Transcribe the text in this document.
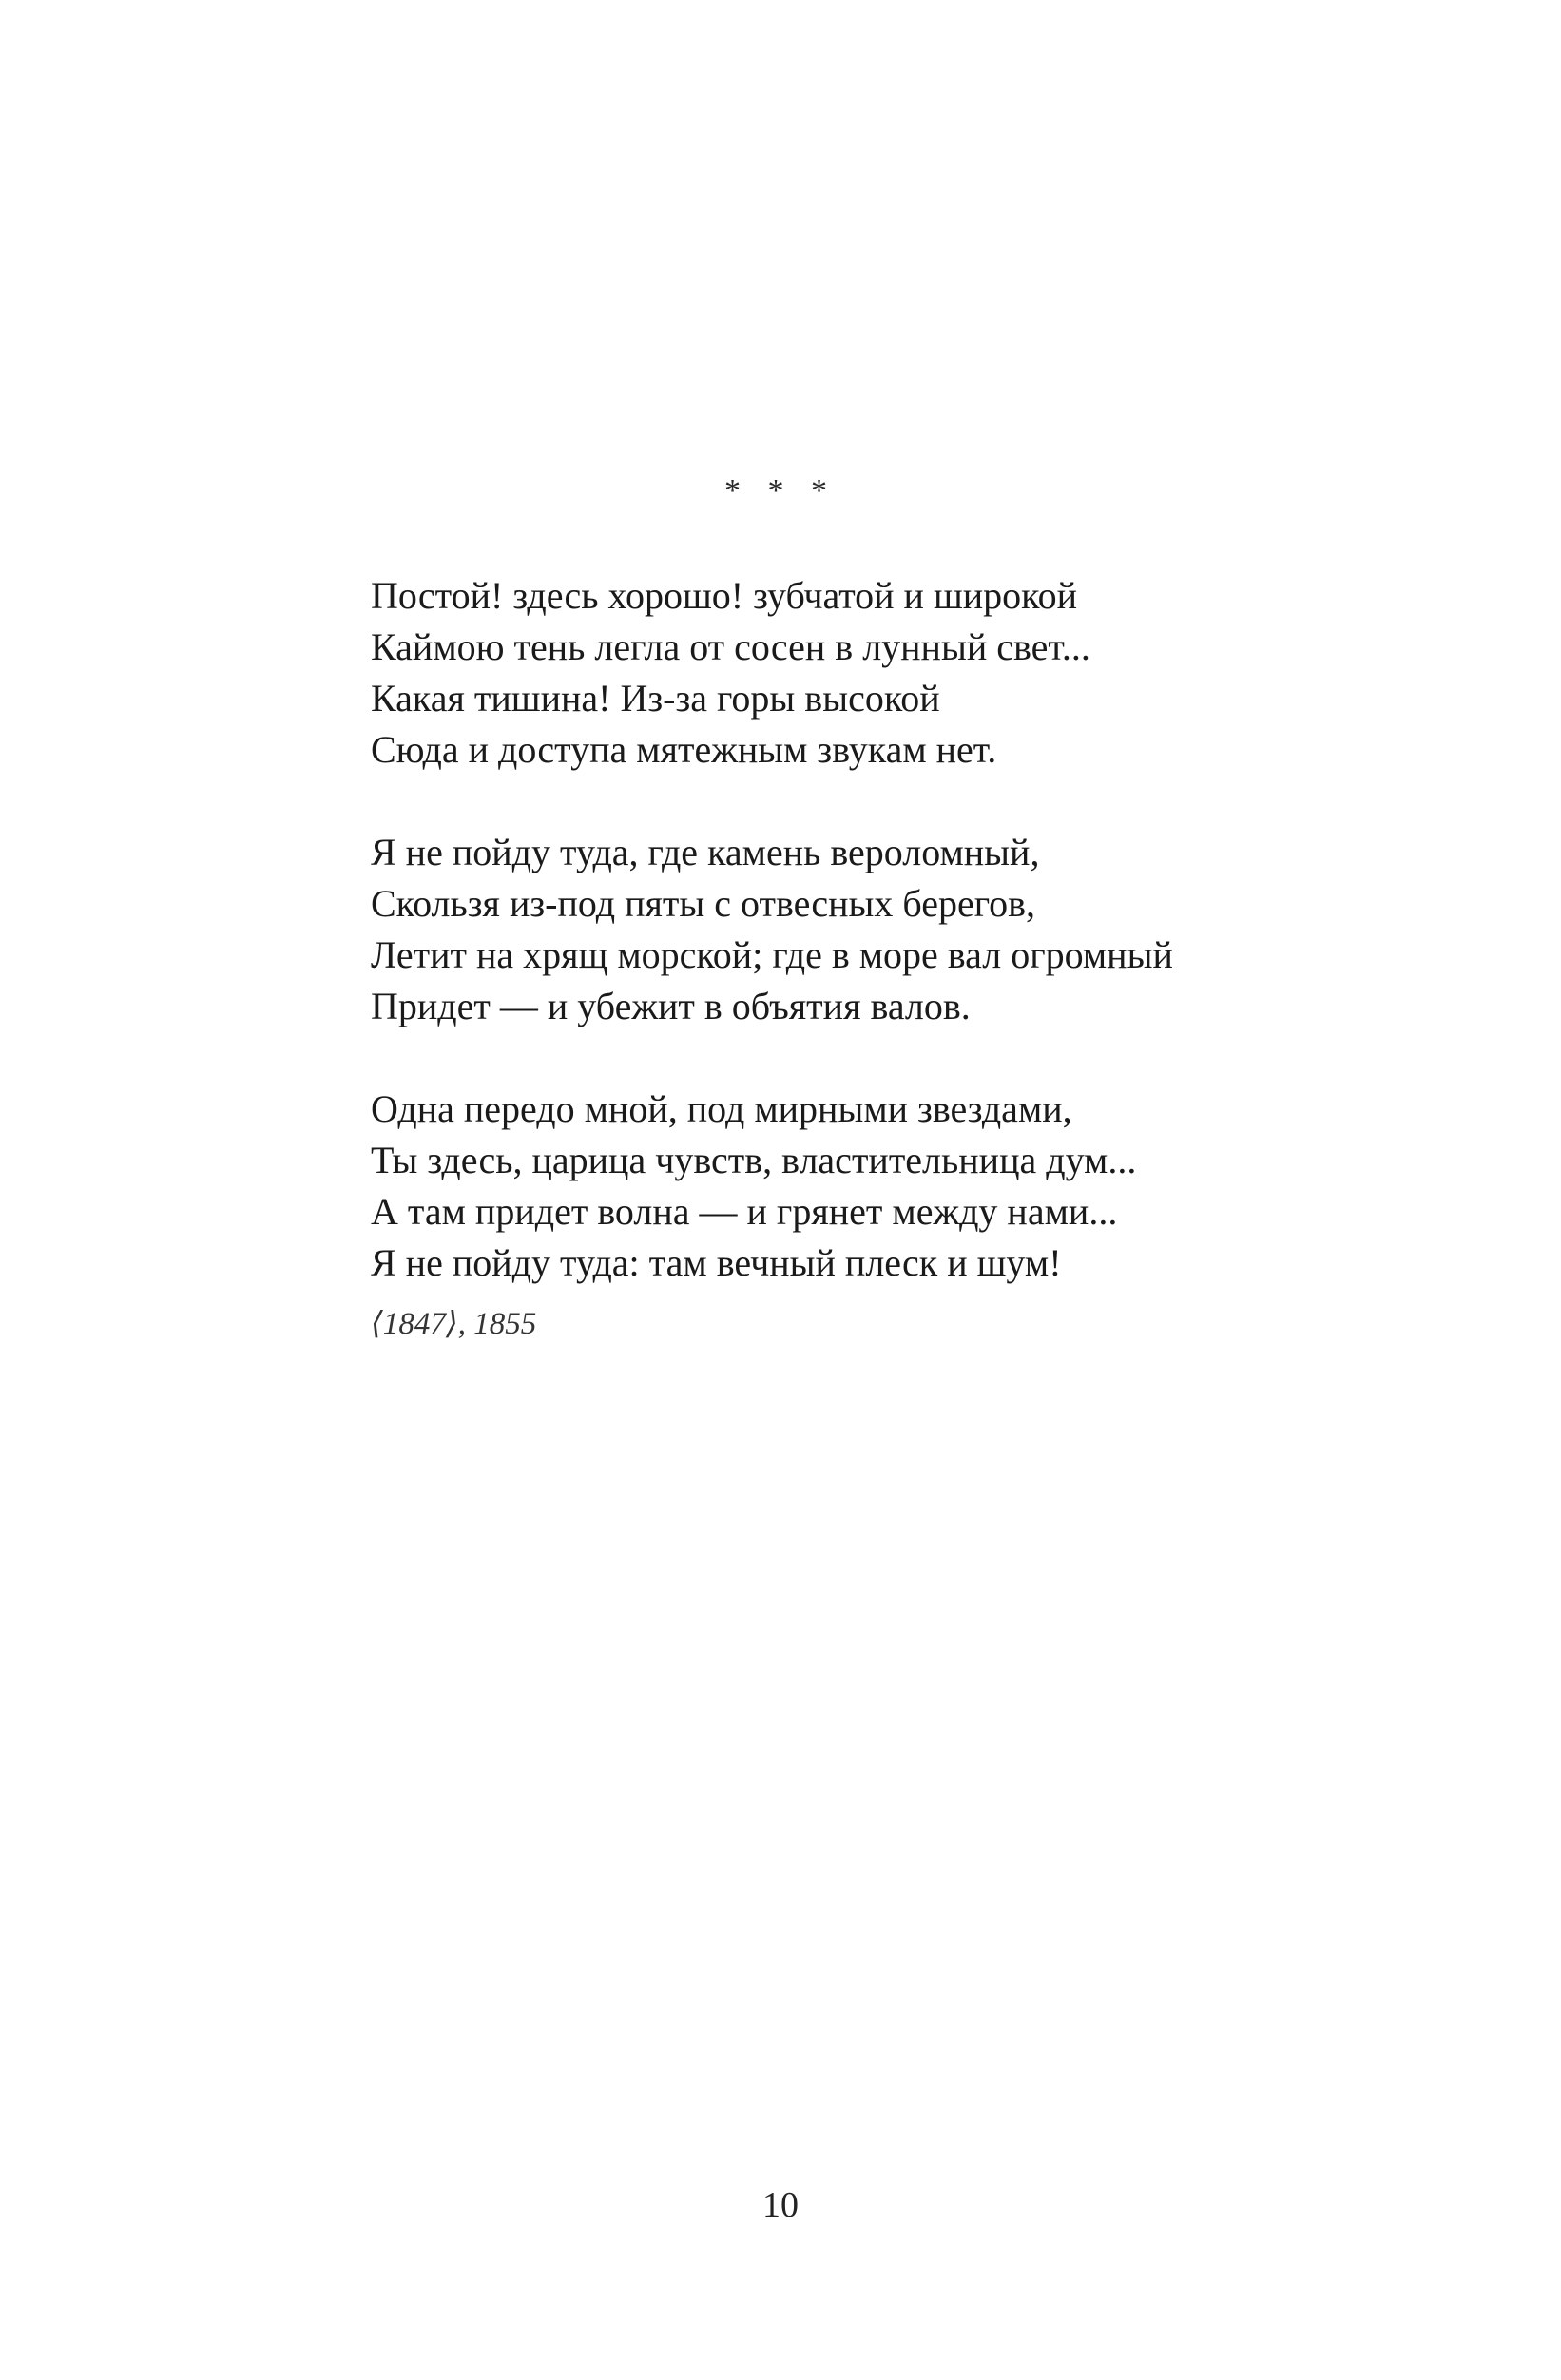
* * *
Постой! здесь хорошо! зубчатой и широкой
Каймою тень легла от сосен в лунный свет...
Какая тишина! Из-за горы высокой
Сюда и доступа мятежным звукам нет.
Я не пойду туда, где камень вероломный,
Скользя из-под пяты с отвесных берегов,
Летит на хрящ морской; где в море вал огромный
Придет — и убежит в объятия валов.
Одна передо мной, под мирными звездами,
Ты здесь, царица чувств, властительница дум...
А там придет волна — и грянет между нами...
Я не пойду туда: там вечный плеск и шум!
⟨1847⟩, 1855
10
